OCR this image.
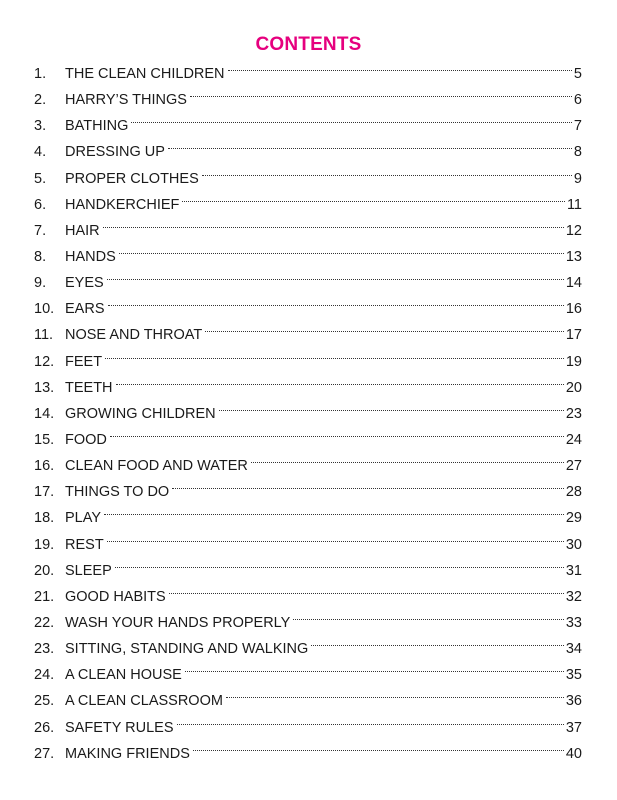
CONTENTS
1.	THE CLEAN CHILDREN	5
2.	HARRY’S THINGS	6
3.	BATHING	7
4.	DRESSING UP	8
5.	PROPER CLOTHES	9
6.	HANDKERCHIEF	11
7.	HAIR	12
8.	HANDS	13
9.	EYES	14
10. EARS	16
11. NOSE AND THROAT	17
12. FEET	19
13. TEETH	20
14. GROWING CHILDREN	23
15. FOOD	24
16. CLEAN FOOD AND WATER	27
17. THINGS TO DO	28
18. PLAY	29
19. REST	30
20. SLEEP	31
21. GOOD HABITS	32
22. WASH YOUR HANDS PROPERLY	33
23. SITTING, STANDING AND WALKING	34
24. A CLEAN HOUSE	35
25. A CLEAN CLASSROOM	36
26. SAFETY RULES	37
27. MAKING FRIENDS	40
